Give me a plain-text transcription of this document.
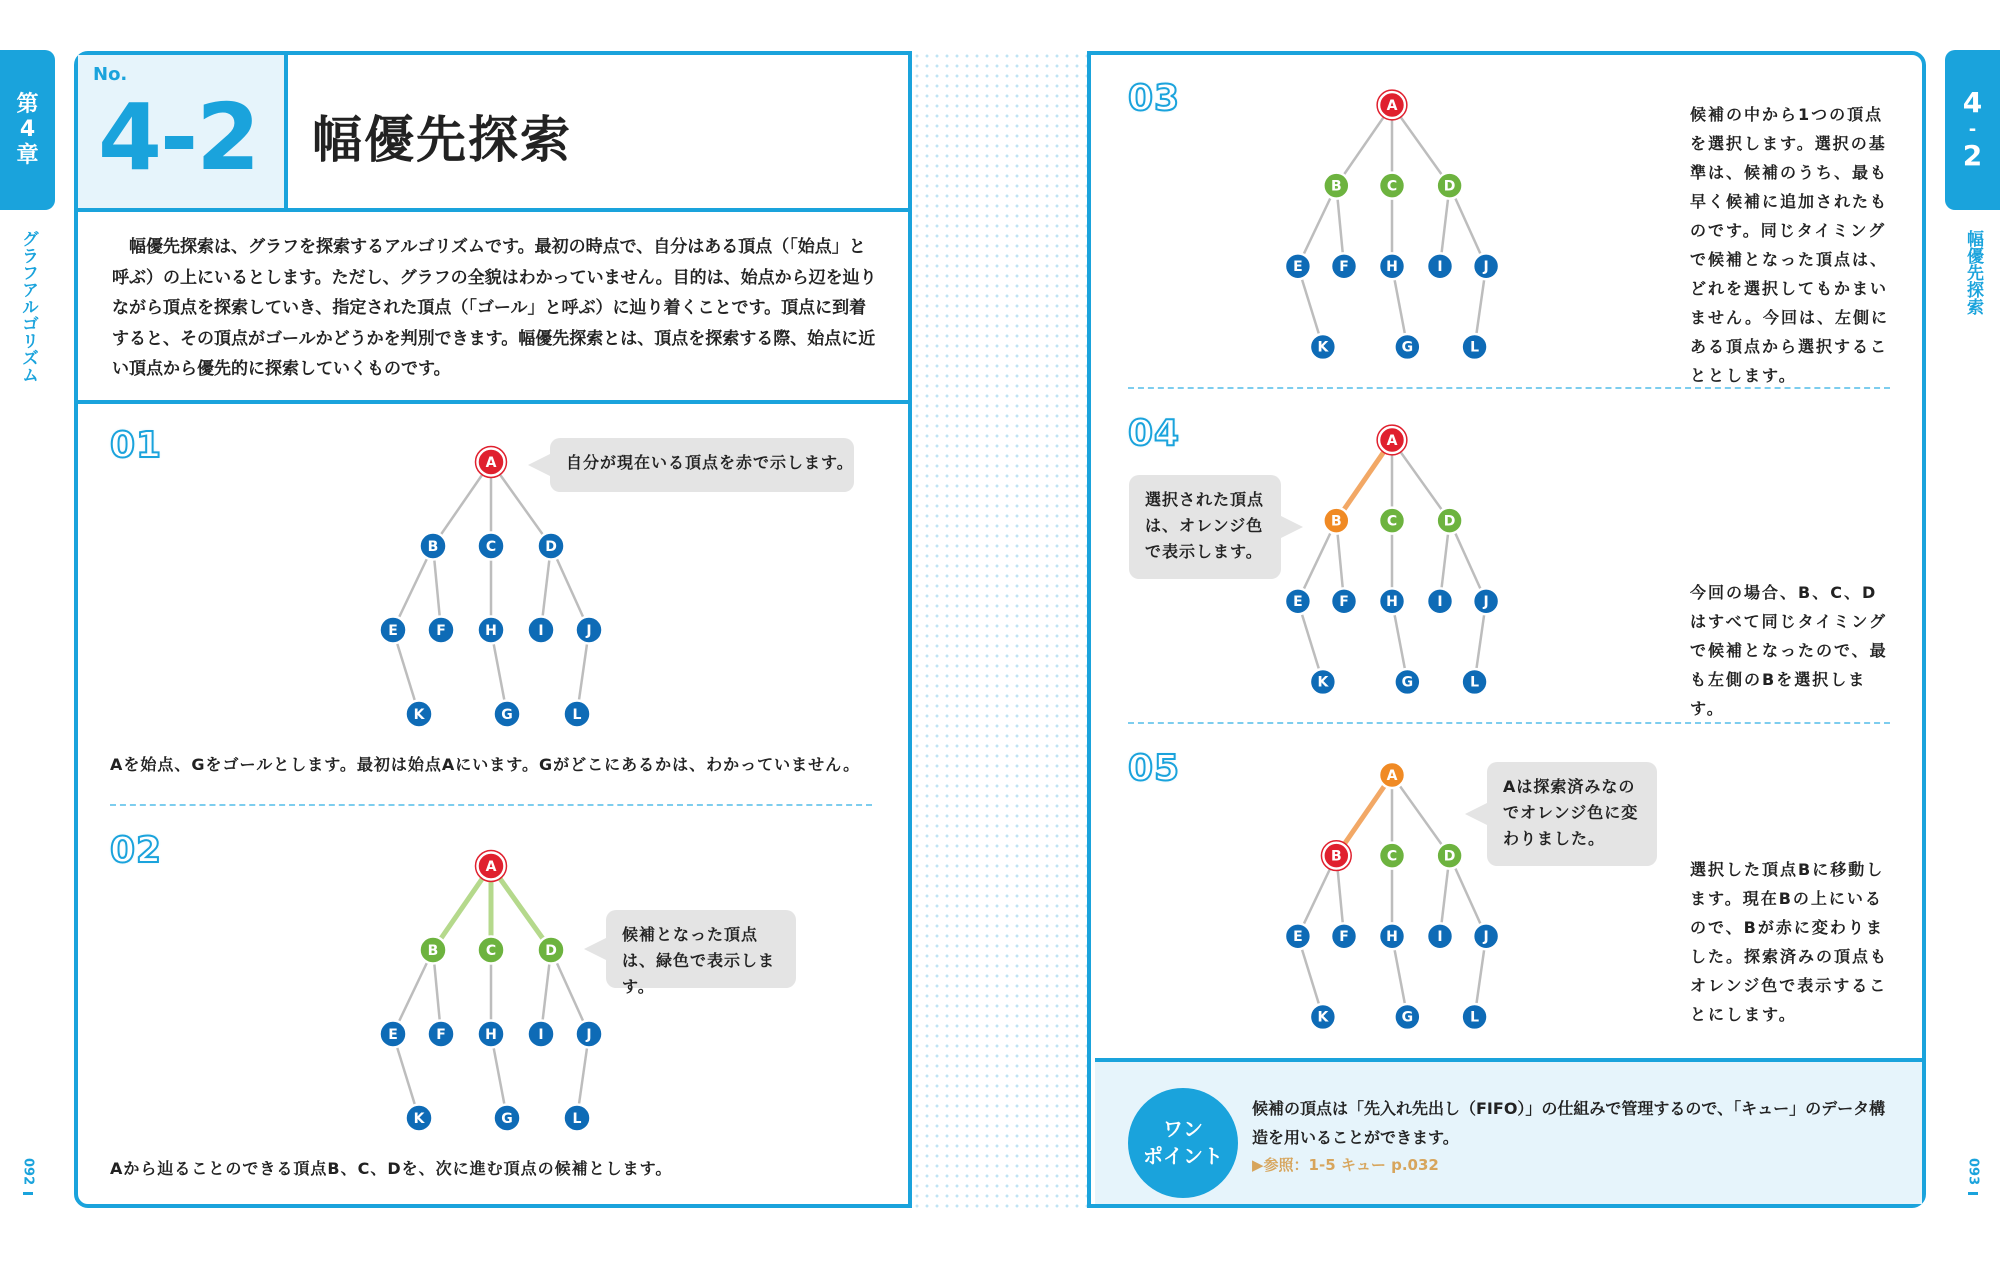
第
4
章
グラフアルゴリズム
092
4
-
2
幅優先探索
093
No.
4-2 幅優先探索
　幅優先探索は、グラフを探索するアルゴリズムです。最初の時点で、自分はある頂点（「始点」と呼ぶ）の上にいるとします。ただし、グラフの全貌はわかっていません。目的は、始点から辺を辿りながら頂点を探索していき、指定された頂点（「ゴール」と呼ぶ）に辿り着くことです。頂点に到着すると、その頂点がゴールかどうかを判別できます。幅優先探索とは、頂点を探索する際、始点に近い頂点から優先的に探索していくものです。
01	A
B	C	D
E	F	H	I	J
K	G	L
自分が現在いる頂点を赤で示します。
Aを始点、Gをゴールとします。最初は始点Aにいます。Gがどこにあるかは、わかっていません。
02	A
B	C	D
E	F	H	I	J
K	G	L
候補となった頂点は、緑色で表示します。
Aから辿ることのできる頂点B、C、Dを、次に進む頂点の候補とします。
03	A
B	C	D
E	F	H	I	J
K	G	L
候補の中から1つの頂点を選択します。選択の基準は、候補のうち、最も早く候補に追加されたものです。同じタイミングで候補となった頂点は、どれを選択してもかまいません。今回は、左側にある頂点から選択することとします。
04	A
B	C	D
E	F	H	I	J
K	G	L
選択された頂点は、オレンジ色で表示します。
今回の場合、B、C、Dはすべて同じタイミングで候補となったので、最も左側のBを選択します。
05	A
B	C	D
E	F	H	I	J
K	G	L
Aは探索済みなのでオレンジ色に変わりました。
選択した頂点Bに移動します。現在Bの上にいるので、Bが赤に変わりました。探索済みの頂点もオレンジ色で表示することにします。
ワン
ポイント
候補の頂点は「先入れ先出し（FIFO）」の仕組みで管理するので、「キュー」のデータ構造を用いることができます。
▶参照：1-5 キュー p.032
